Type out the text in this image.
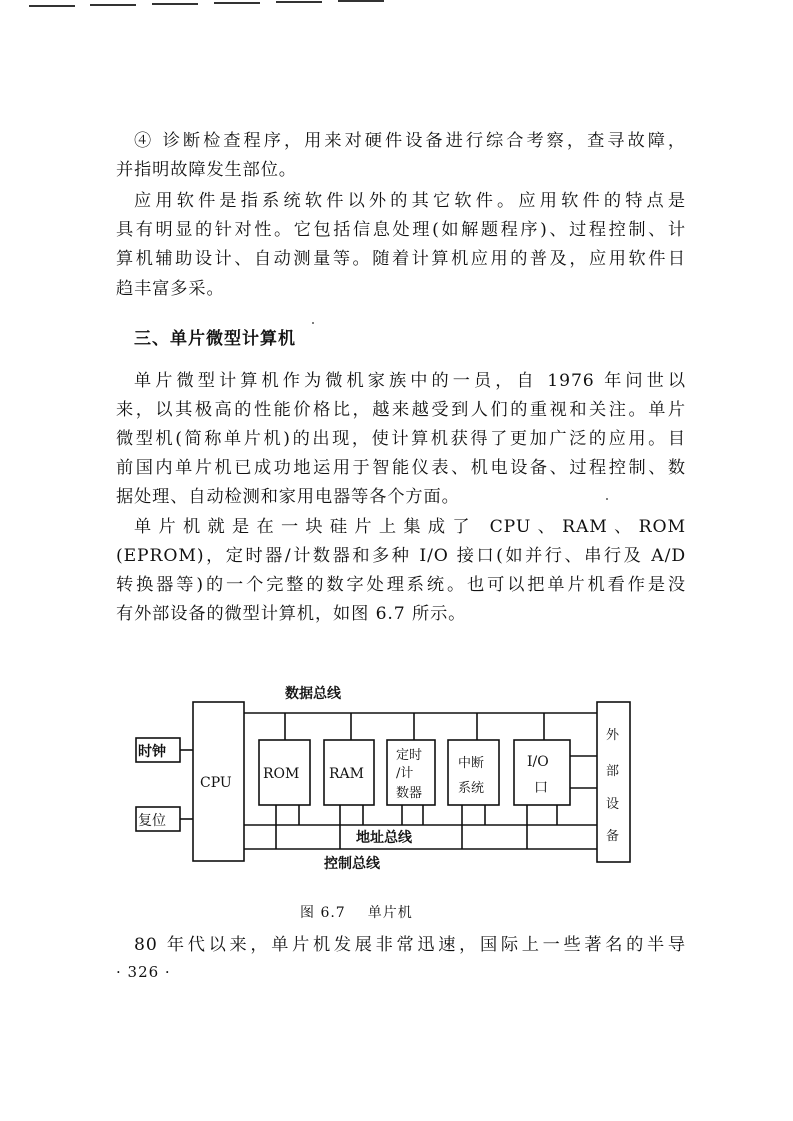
④ 诊断检查程序，用来对硬件设备进行综合考察，查寻故障，
并指明故障发生部位。
应用软件是指系统软件以外的其它软件。应用软件的特点是
具有明显的针对性。它包括信息处理(如解题程序)、过程控制、计
算机辅助设计、自动测量等。随着计算机应用的普及，应用软件日
趋丰富多采。
三、单片微型计算机
单片微型计算机作为微机家族中的一员，自 1976 年问世以
来，以其极高的性能价格比，越来越受到人们的重视和关注。单片
微型机(简称单片机)的出现，使计算机获得了更加广泛的应用。目
前国内单片机已成功地运用于智能仪表、机电设备、过程控制、数
据处理、自动检测和家用电器等各个方面。
单片机就是在一块硅片上集成了 CPU、RAM、ROM
(EPROM)，定时器/计数器和多种 I/O 接口(如并行、串行及 A/D
转换器等)的一个完整的数字处理系统。也可以把单片机看作是没
有外部设备的微型计算机，如图 6.7 所示。
数据总线
地址总线
控制总线
时钟
复位
CPU
ROM RAM
定时
/计
数器
中断
系统
I/O
口
外
部
设
备
图 6.7 单片机
80 年代以来，单片机发展非常迅速，国际上一些著名的半导
· 326 ·
